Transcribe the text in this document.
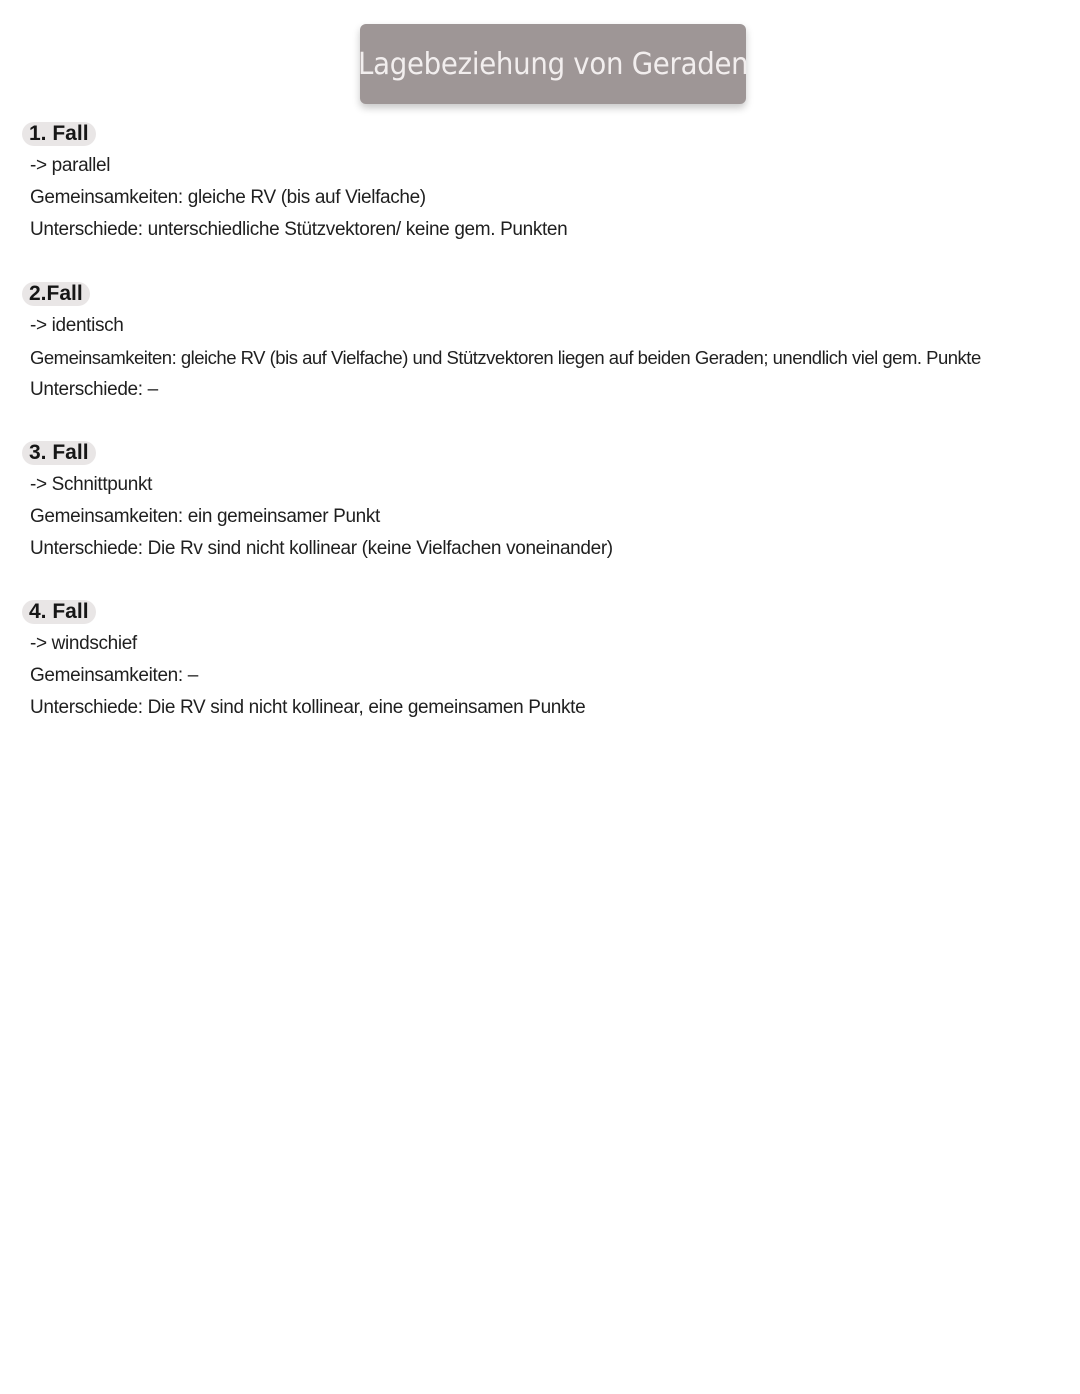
Lagebeziehung von Geraden
1. Fall
-> parallel
Gemeinsamkeiten: gleiche RV (bis auf Vielfache)
Unterschiede: unterschiedliche Stützvektoren/ keine gem. Punkten
2.Fall
-> identisch
Gemeinsamkeiten: gleiche RV (bis auf Vielfache) und Stützvektoren liegen auf beiden Geraden; unendlich viel gem. Punkte
Unterschiede: –
3. Fall
-> Schnittpunkt
Gemeinsamkeiten: ein gemeinsamer Punkt
Unterschiede: Die Rv sind nicht kollinear (keine Vielfachen voneinander)
4. Fall
-> windschief
Gemeinsamkeiten: –
Unterschiede: Die RV sind nicht kollinear, eine gemeinsamen Punkte
